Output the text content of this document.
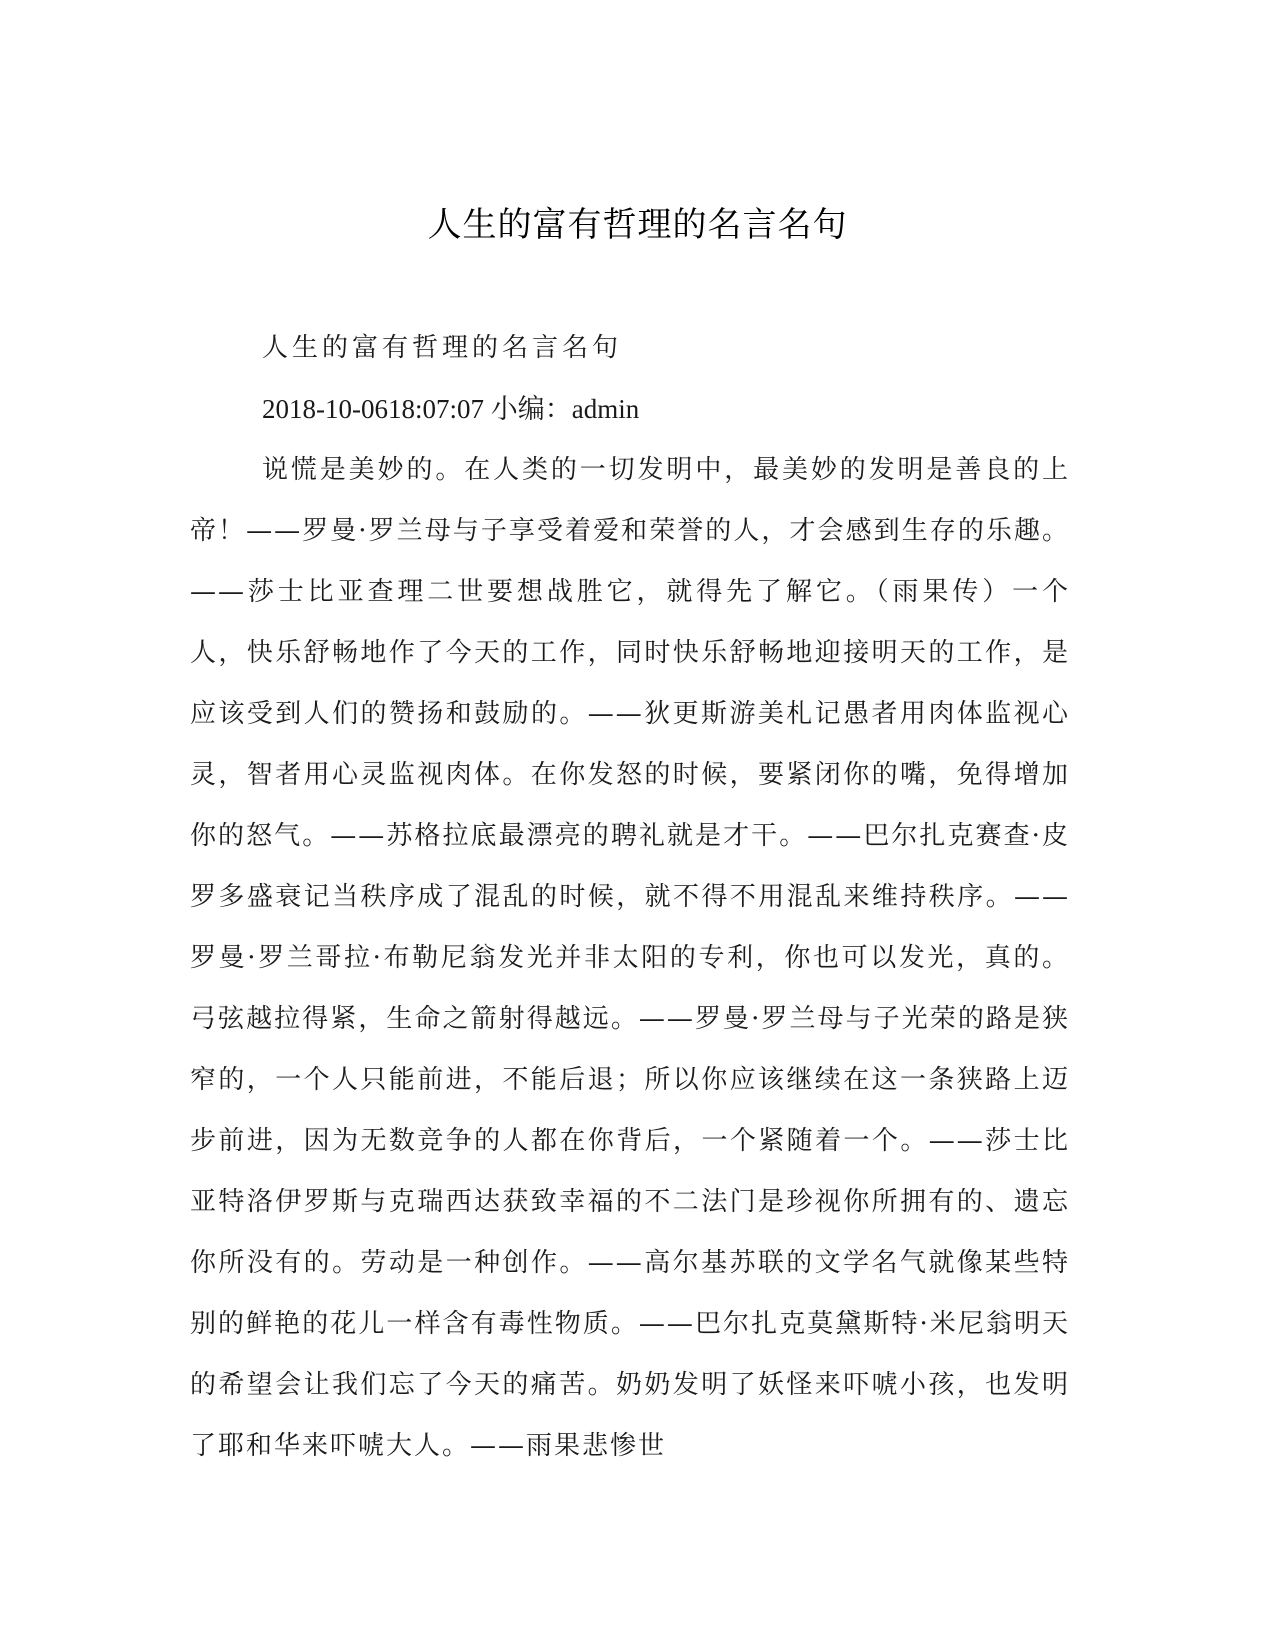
人生的富有哲理的名言名句

人生的富有哲理的名言名句

2018-10-0618:07:07 小编：admin

说慌是美妙的。在人类的一切发明中，最美妙的发明是善良的上帝！——罗曼·罗兰母与子享受着爱和荣誉的人，才会感到生存的乐趣。——莎士比亚查理二世要想战胜它，就得先了解它。（雨果传）一个人，快乐舒畅地作了今天的工作，同时快乐舒畅地迎接明天的工作，是应该受到人们的赞扬和鼓励的。——狄更斯游美札记愚者用肉体监视心灵，智者用心灵监视肉体。在你发怒的时候，要紧闭你的嘴，免得增加你的怒气。——苏格拉底最漂亮的聘礼就是才干。——巴尔扎克赛查·皮罗多盛衰记当秩序成了混乱的时候，就不得不用混乱来维持秩序。——罗曼·罗兰哥拉·布勒尼翁发光并非太阳的专利，你也可以发光，真的。弓弦越拉得紧，生命之箭射得越远。——罗曼·罗兰母与子光荣的路是狭窄的，一个人只能前进，不能后退；所以你应该继续在这一条狭路上迈步前进，因为无数竞争的人都在你背后，一个紧随着一个。——莎士比亚特洛伊罗斯与克瑞西达获致幸福的不二法门是珍视你所拥有的、遗忘你所没有的。劳动是一种创作。——高尔基苏联的文学名气就像某些特别的鲜艳的花儿一样含有毒性物质。——巴尔扎克莫黛斯特·米尼翁明天的希望会让我们忘了今天的痛苦。奶奶发明了妖怪来吓唬小孩，也发明了耶和华来吓唬大人。——雨果悲惨世
